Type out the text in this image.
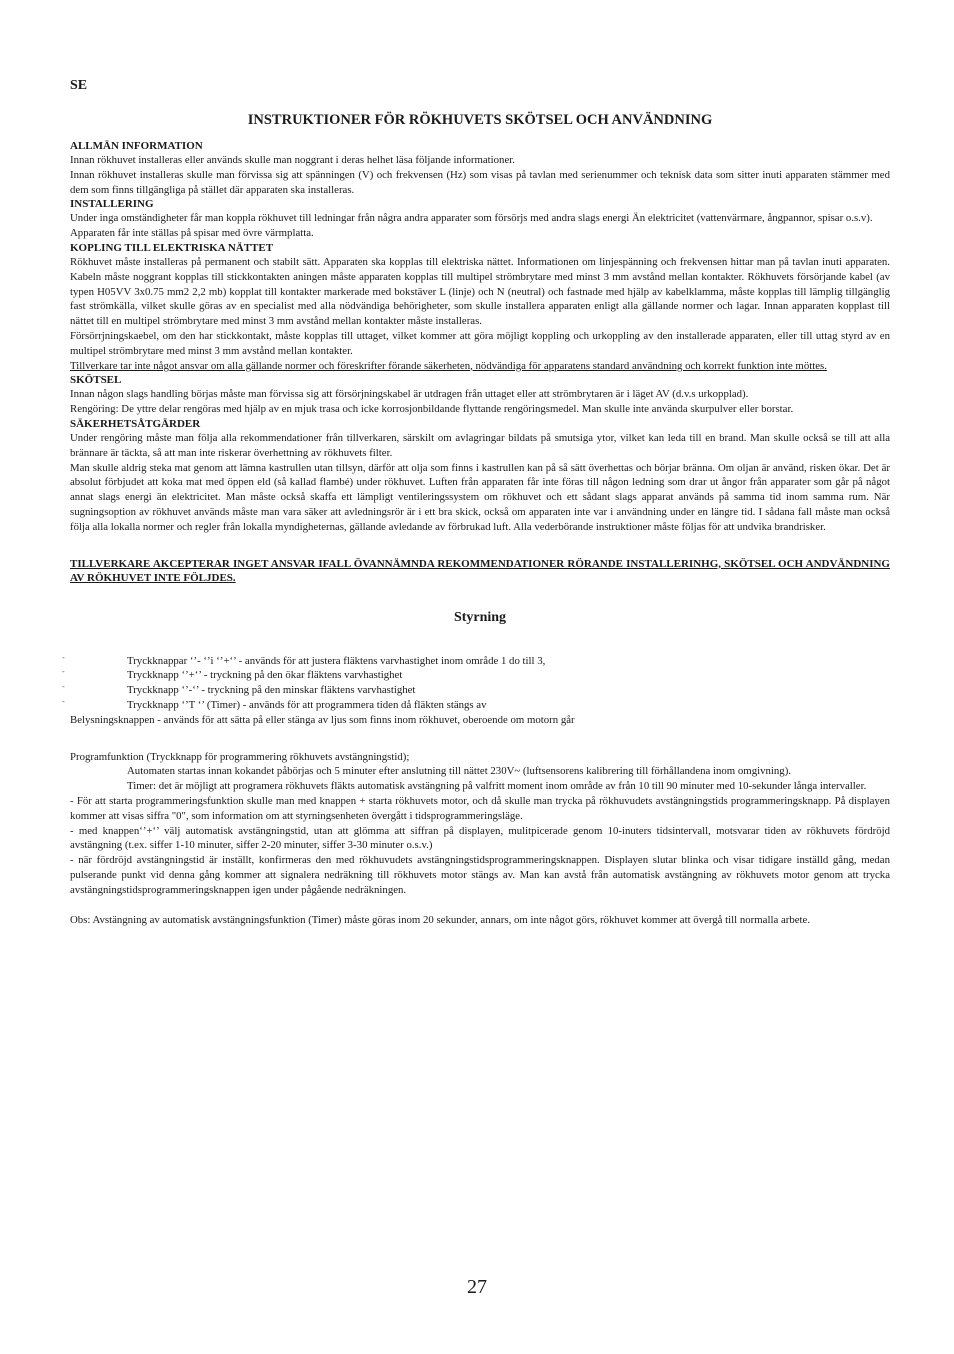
SE
INSTRUKTIONER FÖR RÖKHUVETS SKÖTSEL OCH ANVÄNDNING
ALLMÄN INFORMATION

Innan rökhuvet installeras eller används skulle man noggrant i deras helhet läsa följande informationer.

Innan rökhuvet installeras skulle man förvissa sig att spänningen (V) och frekvensen (Hz) som visas på tavlan med serienummer och teknisk data som sitter inuti apparaten stämmer med dem som finns tillgängliga på stället där apparaten ska installeras.

INSTALLERING

Under inga omständigheter får man koppla rökhuvet till ledningar från några andra apparater som försörjs med andra slags energi Än elektricitet (vattenvärmare, ångpannor, spisar o.s.v).

Apparaten får inte ställas på spisar med övre värmplatta.

KOPLING TILL ELEKTRISKA NÄTTET

Rökhuvet måste installeras på permanent och stabilt sätt. Apparaten ska kopplas till elektriska nättet. Informationen om linjespänning och frekvensen hittar man på tavlan inuti apparaten. Kabeln måste noggrant kopplas till stickkontakten aningen måste apparaten kopplas till multipel strömbrytare med minst 3 mm avstånd mellan kontakter. Rökhuvets försörjande kabel (av typen H05VV 3x0.75 mm2 2,2 mb) kopplat till kontakter markerade med bokstäver L (linje) och N (neutral) och fastnade med hjälp av kabelklamma, måste kopplas till lämplig tillgänglig fast strömkälla, vilket skulle göras av en specialist med alla nödvändiga behörigheter, som skulle installera apparaten enligt alla gällande normer och lagar. Innan apparaten kopplast till nättet till en multipel strömbrytare med minst 3 mm avstånd mellan kontakter måste installeras.

Försörrjningskaebel, om den har stickkontakt, måste kopplas till uttaget, vilket kommer att göra möjligt koppling och urkoppling av den installerade apparaten, eller till uttag styrd av en multipel strömbrytare med minst 3 mm avstånd mellan kontakter.

Tillverkare tar inte något ansvar om alla gällande normer och föreskrifter förande säkerheten, nödvändiga för apparatens standard användning och korrekt funktion inte möttes.

SKÖTSEL

Innan någon slags handling börjas måste man förvissa sig att försörjningskabel är utdragen från uttaget eller att strömbrytaren är i läget AV (d.v.s urkopplad).

Rengöring: De yttre delar rengöras med hjälp av en mjuk trasa och icke korrosjonbildande flyttande rengöringsmedel. Man skulle inte använda skurpulver eller borstar.

SÄKERHETSÅTGÄRDER

Under rengöring måste man följa alla rekommendationer från tillverkaren, särskilt om avlagringar bildats på smutsiga ytor, vilket kan leda till en brand. Man skulle också se till att alla brännare är täckta, så att man inte riskerar överhettning av rökhuvets filter.

Man skulle aldrig steka mat genom att lämna kastrullen utan tillsyn, därför att olja som finns i kastrullen kan på så sätt överhettas och börjar bränna. Om oljan är använd, risken ökar. Det är absolut förbjudet att koka mat med öppen eld (så kallad flambé) under rökhuvet. Luften från apparaten får inte föras till någon ledning som drar ut ångor från apparater som går på något annat slags energi än elektricitet. Man måste också skaffa ett lämpligt ventileringssystem om rökhuvet och ett sådant slags apparat används på samma tid inom samma rum. När sugningsoption av rökhuvet används måste man vara säker att avledningsrör är i ett bra skick, också om apparaten inte var i användning under en längre tid. I sådana fall måste man också följa alla lokalla normer och regler från lokalla myndigheternas, gällande avledande av förbrukad luft. Alla vederbörande instruktioner måste följas för att undvika brandrisker.

TILLVERKARE AKCEPTERAR INGET ANSVAR IFALL ÖVANNÄMNDA REKOMMENDATIONER RÖRANDE INSTALLERINHG, SKÖTSEL OCH ANDVÄNDNING AV RÖKHUVET INTE FÖLJDES.
Styrning
-	Tryckknappar ‘’- ‘’i ‘’+‘’ - används för att justera fläktens varvhastighet inom område 1 do till 3,
-	Tryckknapp ‘’+‘’ - tryckning på den ökar fläktens varvhastighet
-	Tryckknapp ‘’-‘’ - tryckning på den minskar fläktens varvhastighet
-	Tryckknapp ‘’T ‘’ (Timer) - används för att programmera tiden då fläkten stängs av

Belysningsknappen - används för att sätta på eller stänga av ljus som finns inom rökhuvet, oberoende om motorn går

Programfunktion (Tryckknapp för programmering rökhuvets avstängningstid);

Automaten startas innan kokandet påbörjas och 5 minuter efter anslutning till nättet 230V~ (luftsensorens kalibrering till förhållandena inom omgivning).

Timer: det är möjligt att programera rökhuvets fläkts automatisk avstängning på valfritt moment inom område av från 10 till 90 minuter med 10-sekunder långa intervaller.

- För att starta programmeringsfunktion skulle man med knappen + starta rökhuvets motor, och då skulle man trycka på rökhuvudets avstängningstids programmeringsknapp. På displayen kommer att visas siffra "0", som information om att styrningsenheten övergått i tidsprogrammeringsläge.

- med knappen‘’+‘’ välj automatisk avstängningstid, utan att glömma att siffran på displayen, mulitpicerade genom 10-inuters tidsintervall, motsvarar tiden av rökhuvets fördröjd avstängning (t.ex. siffer 1-10 minuter, siffer 2-20 minuter, siffer 3-30 minuter o.s.v.)

- när fördröjd avstängningstid är inställt, konfirmeras den med rökhuvudets avstängningstidsprogrammeringsknappen. Displayen slutar blinka och visar tidigare inställd gång, medan pulserande punkt vid denna gång kommer att signalera nedräkning till rökhuvets motor stängs av. Man kan avstå från automatisk avstängning av rökhuvets motor genom att trycka avstängningstidsprogrammeringsknappen igen under pågående nedräkningen.

Obs: Avstängning av automatisk avstängningsfunktion (Timer) måste göras inom 20 sekunder, annars, om inte något görs, rökhuvet kommer att övergå till normalla arbete.

27
